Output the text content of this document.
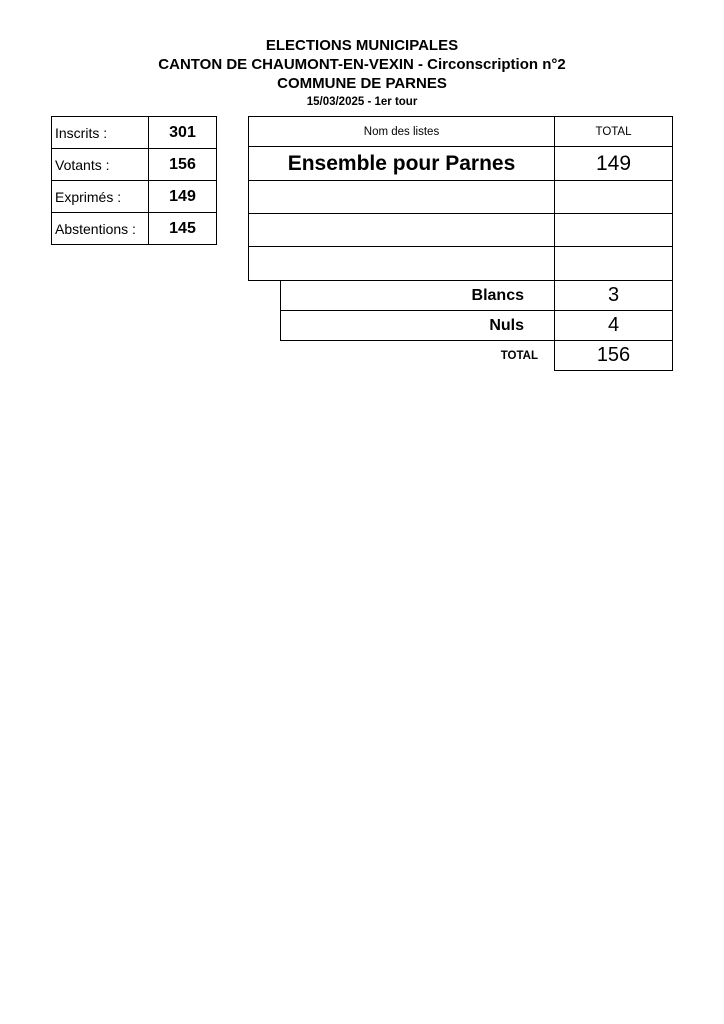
ELECTIONS MUNICIPALES
CANTON DE CHAUMONT-EN-VEXIN - Circonscription n°2
COMMUNE DE PARNES
15/03/2025 - 1er tour
Inscrits :	301
Votants :	156
Exprimés :	149
Abstentions :	145
Nom des listes	TOTAL
Ensemble pour Parnes	149
Blancs	3
Nuls	4
TOTAL	156
